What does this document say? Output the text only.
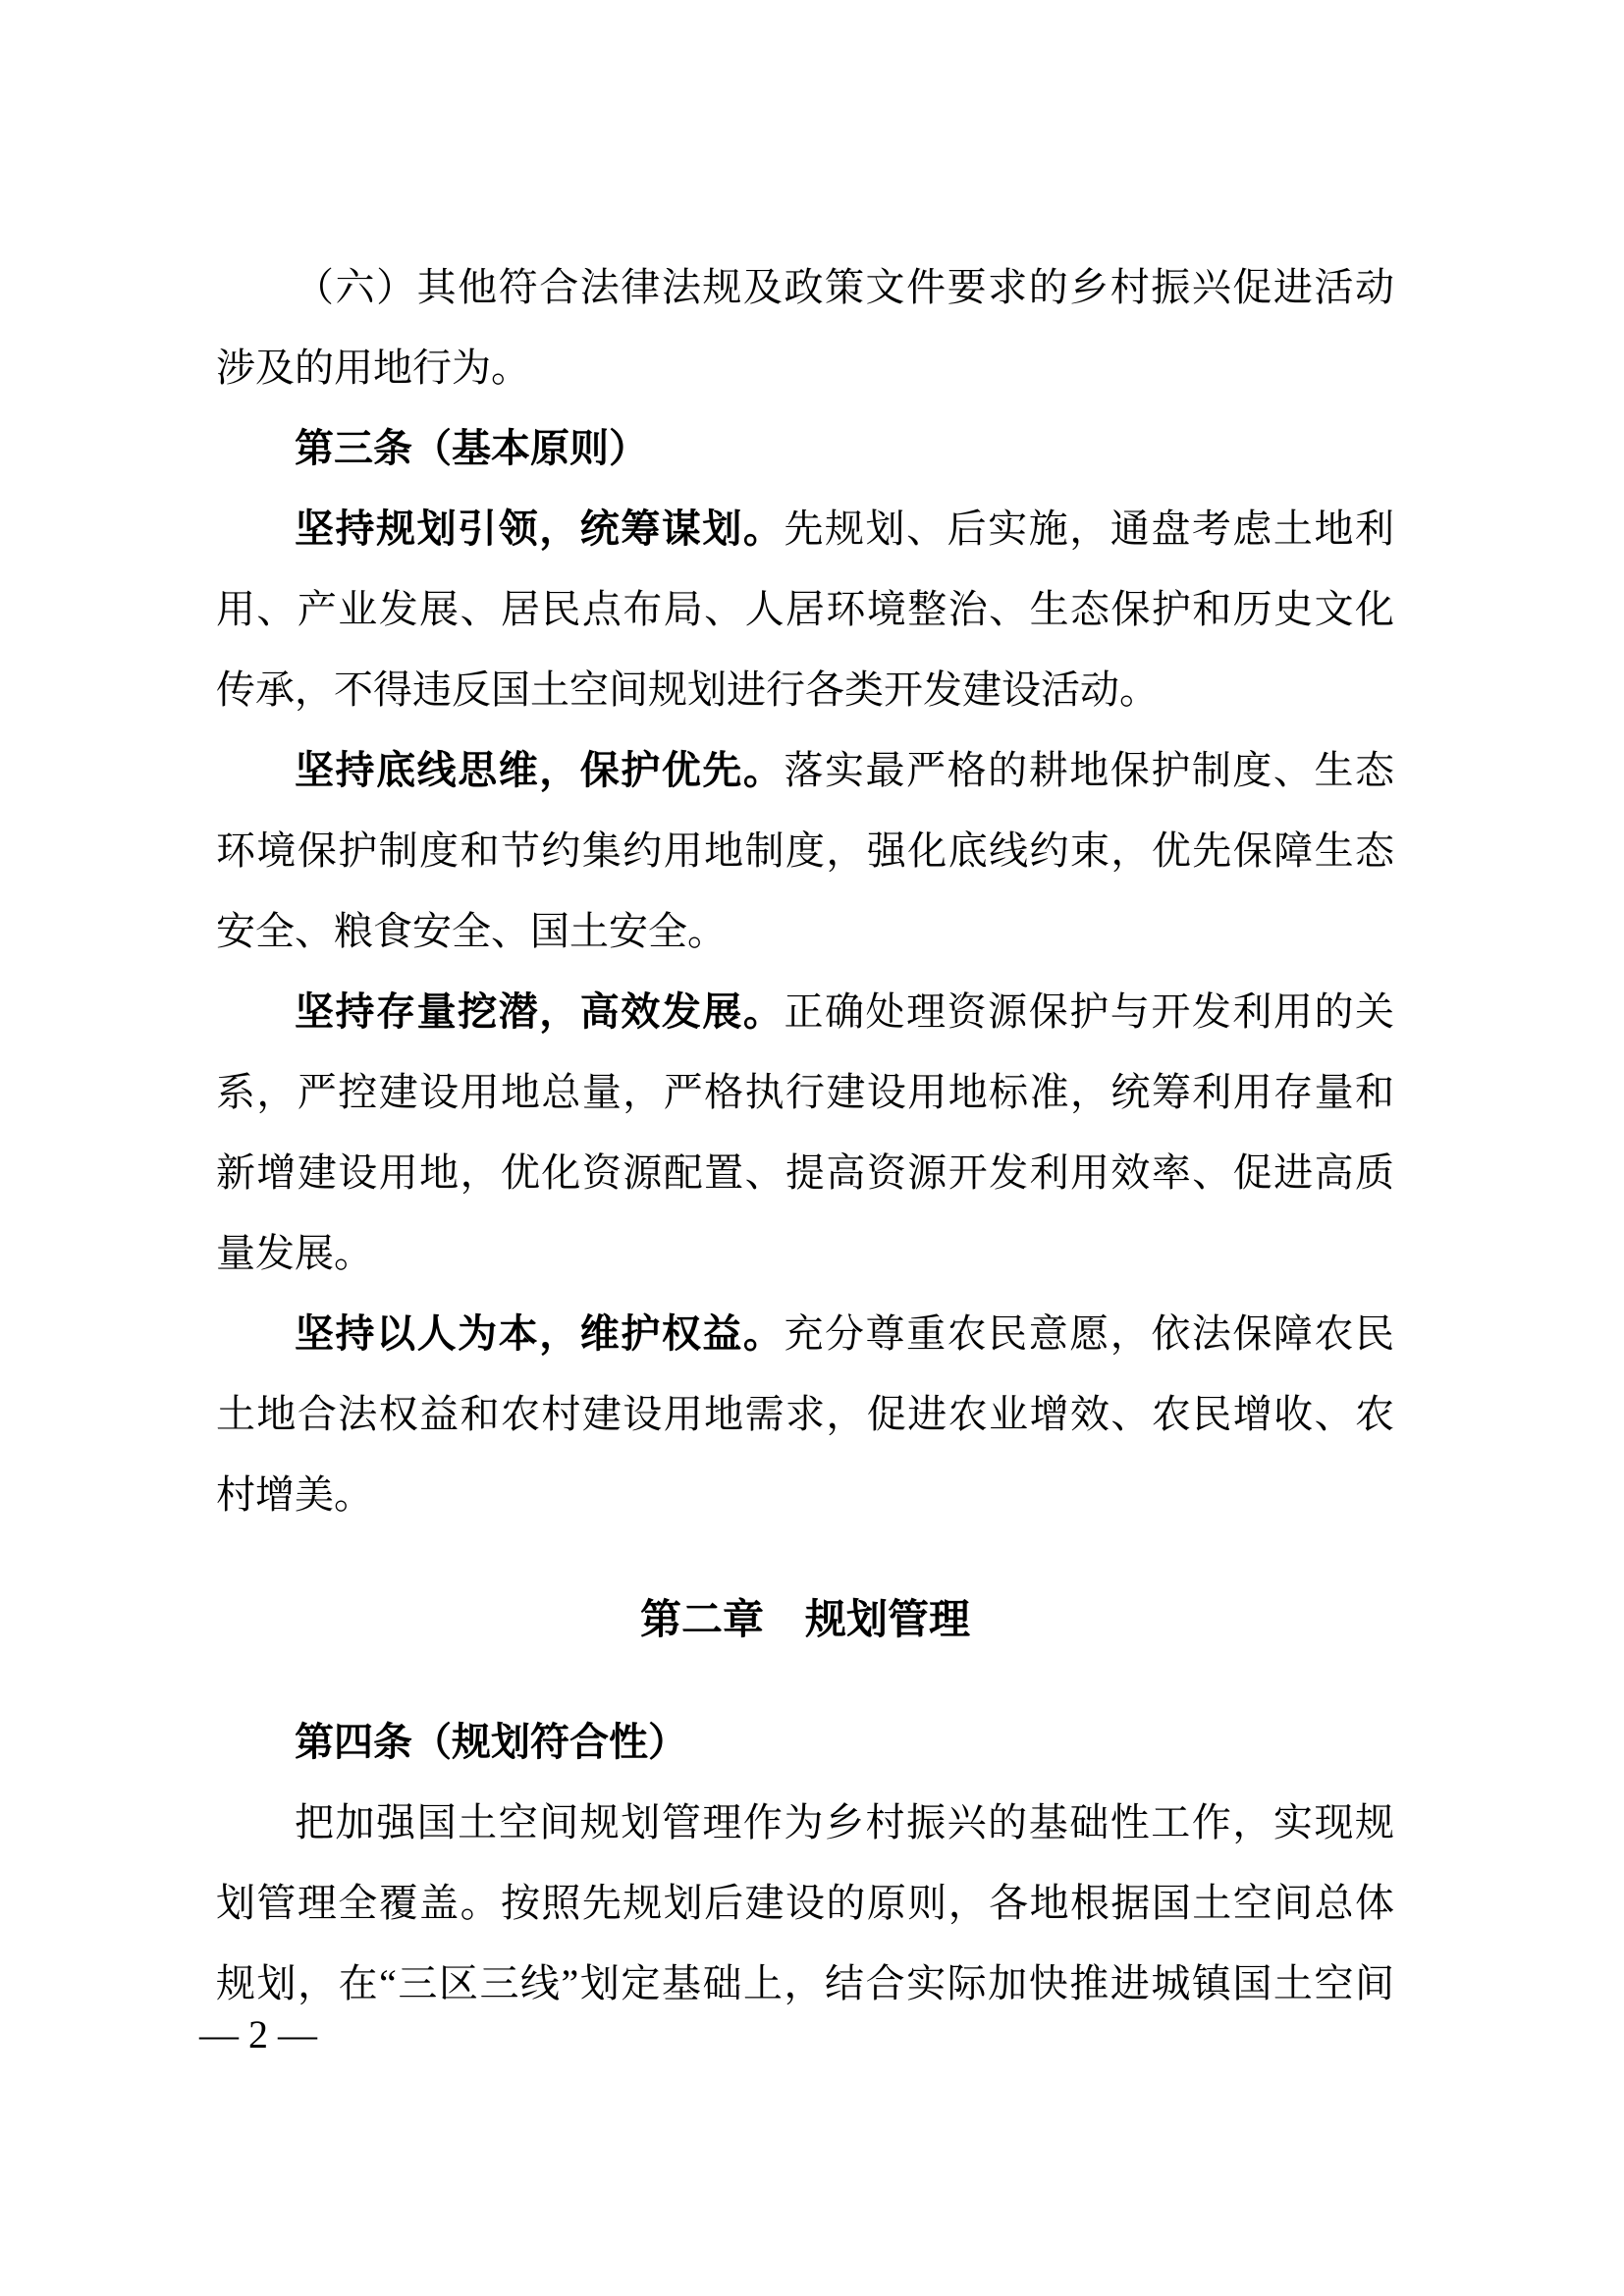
（六）其他符合法律法规及政策文件要求的乡村振兴促进活动
涉及的用地行为。
第三条（基本原则）
坚持规划引领，统筹谋划。先规划、后实施，通盘考虑土地利
用、产业发展、居民点布局、人居环境整治、生态保护和历史文化
传承，不得违反国土空间规划进行各类开发建设活动。
坚持底线思维，保护优先。落实最严格的耕地保护制度、生态
环境保护制度和节约集约用地制度，强化底线约束，优先保障生态
安全、粮食安全、国土安全。
坚持存量挖潜，高效发展。正确处理资源保护与开发利用的关
系，严控建设用地总量，严格执行建设用地标准，统筹利用存量和
新增建设用地，优化资源配置、提高资源开发利用效率、促进高质
量发展。
坚持以人为本，维护权益。充分尊重农民意愿，依法保障农民
土地合法权益和农村建设用地需求，促进农业增效、农民增收、农
村增美。
第二章　规划管理
第四条（规划符合性）
把加强国土空间规划管理作为乡村振兴的基础性工作，实现规
划管理全覆盖。按照先规划后建设的原则，各地根据国土空间总体
规划，在“三区三线”划定基础上，结合实际加快推进城镇国土空间
— 2 —
